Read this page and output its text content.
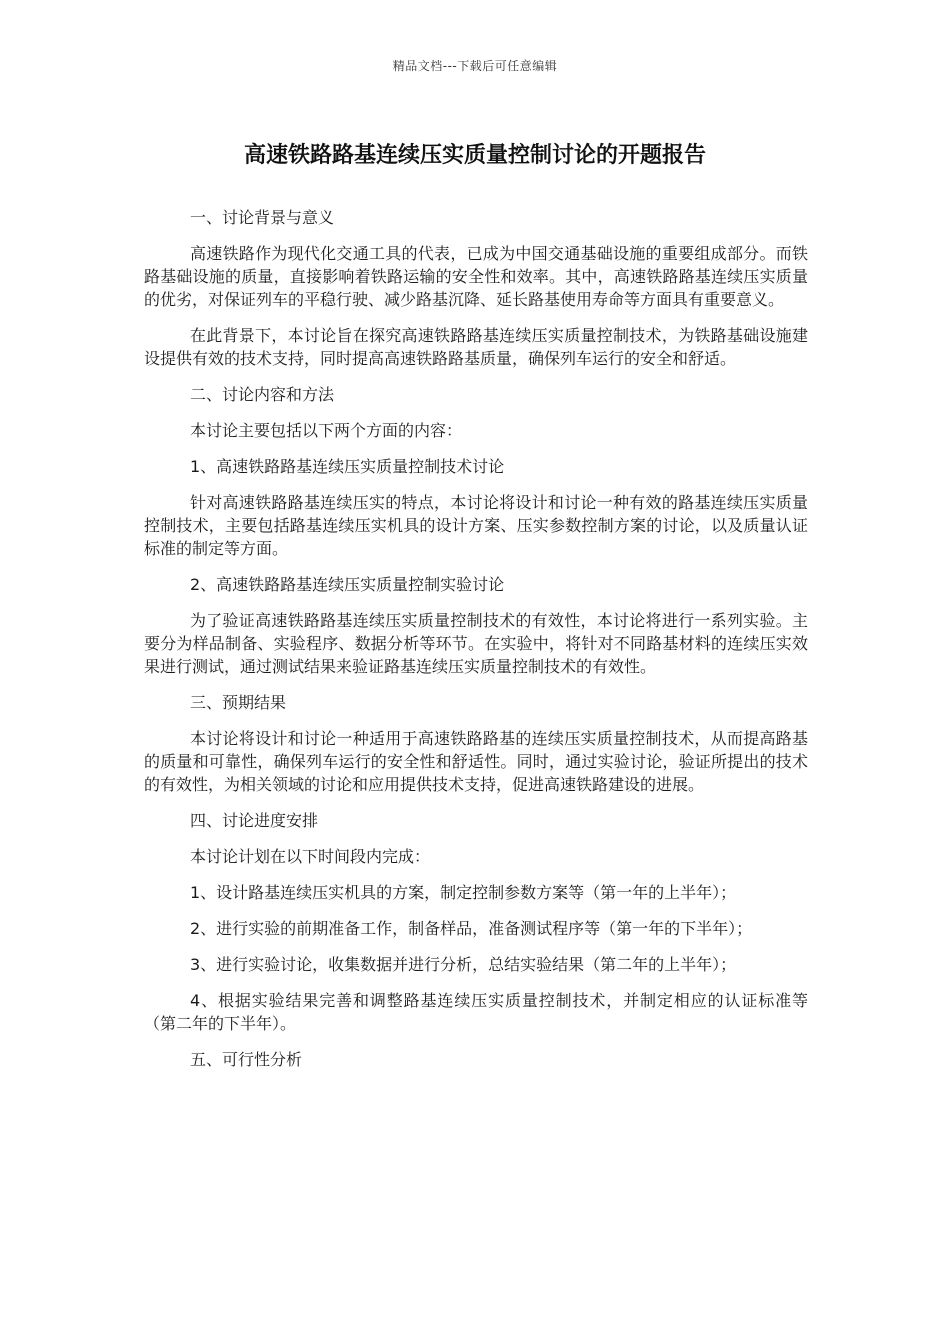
精品文档---下载后可任意编辑
高速铁路路基连续压实质量控制讨论的开题报告

一、讨论背景与意义

高速铁路作为现代化交通工具的代表，已成为中国交通基础设施的重要组成部分。而铁路基础设施的质量，直接影响着铁路运输的安全性和效率。其中，高速铁路路基连续压实质量的优劣，对保证列车的平稳行驶、减少路基沉降、延长路基使用寿命等方面具有重要意义。

在此背景下，本讨论旨在探究高速铁路路基连续压实质量控制技术，为铁路基础设施建设提供有效的技术支持，同时提高高速铁路路基质量，确保列车运行的安全和舒适。

二、讨论内容和方法

本讨论主要包括以下两个方面的内容：

1、高速铁路路基连续压实质量控制技术讨论

针对高速铁路路基连续压实的特点，本讨论将设计和讨论一种有效的路基连续压实质量控制技术，主要包括路基连续压实机具的设计方案、压实参数控制方案的讨论，以及质量认证标准的制定等方面。

2、高速铁路路基连续压实质量控制实验讨论

为了验证高速铁路路基连续压实质量控制技术的有效性，本讨论将进行一系列实验。主要分为样品制备、实验程序、数据分析等环节。在实验中，将针对不同路基材料的连续压实效果进行测试，通过测试结果来验证路基连续压实质量控制技术的有效性。

三、预期结果

本讨论将设计和讨论一种适用于高速铁路路基的连续压实质量控制技术，从而提高路基的质量和可靠性，确保列车运行的安全性和舒适性。同时，通过实验讨论，验证所提出的技术的有效性，为相关领域的讨论和应用提供技术支持，促进高速铁路建设的进展。

四、讨论进度安排

本讨论计划在以下时间段内完成：

1、设计路基连续压实机具的方案，制定控制参数方案等（第一年的上半年）；

2、进行实验的前期准备工作，制备样品，准备测试程序等（第一年的下半年）；

3、进行实验讨论，收集数据并进行分析，总结实验结果（第二年的上半年）；

4、根据实验结果完善和调整路基连续压实质量控制技术，并制定相应的认证标准等（第二年的下半年）。

五、可行性分析
